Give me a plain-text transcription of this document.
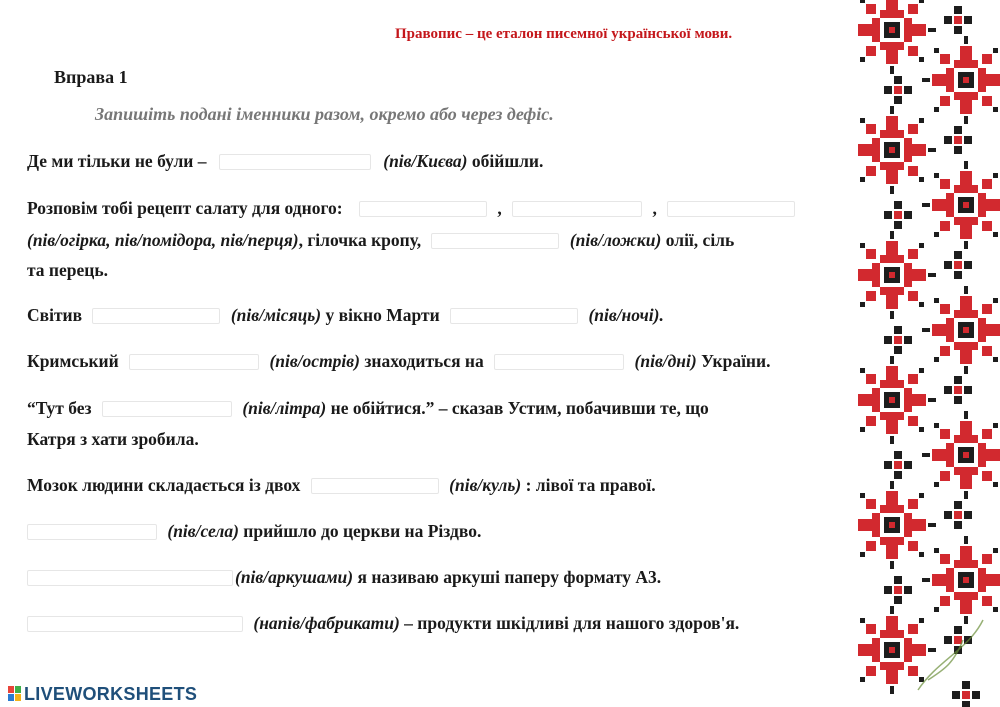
Правопис – це еталон писемної української мови.
Вправа 1
Запишіть подані іменники разом, окремо або через дефіс.
Де ми тільки не були –	(пів/Києва) обійшли.
Розповім тобі рецепт салату для одного:	,	,
(пів/огірка, пів/помідора, пів/перця), гілочка кропу,	(пів/ложки) олії, сіль
та перець.
Світив	(пів/місяць) у вікно Марти	(пів/ночі).
Кримський	(пів/острів) знаходиться на	(пів/дні) України.
“Тут без	(пів/літра) не обійтися.” – сказав Устим, побачивши те, що
Катря з хати зробила.
Мозок людини складається із двох	(пів/куль) : лівої та правої.
(пів/села) прийшло до церкви на Різдво.
(пів/аркушами) я називаю аркуші паперу формату А3.
(напів/фабрикати) – продукти шкідливі для нашого здоров'я.
LIVEWORKSHEETS
